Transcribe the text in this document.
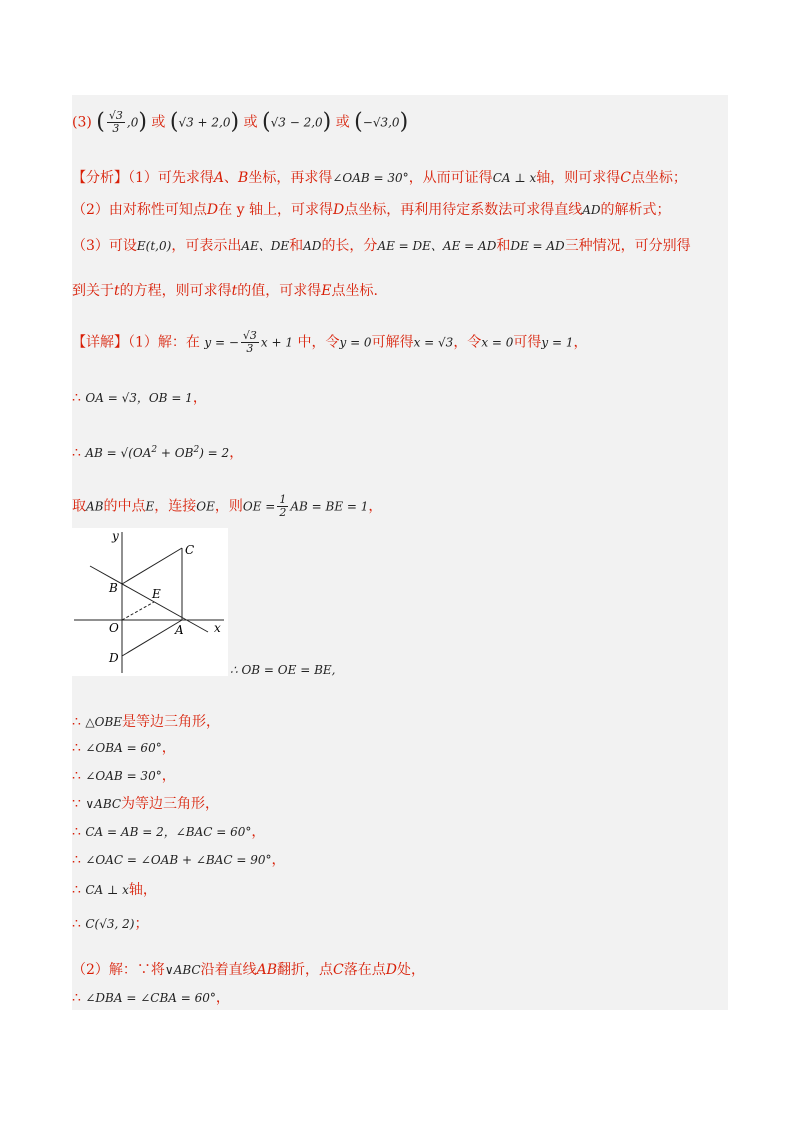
(3) ( $\frac{√3}{3} ,0$) 或 (√3 + 2,0) 或 (√3 − 2,0) 或 (−√3,0)
【分析】（1）可先求得A、B坐标，再求得∠OAB = 30°，从而可证得CA ⊥ x轴，则可求得C点坐标；
（2）由对称性可知点D在 y 轴上，可求得D点坐标，再利用待定系数法可求得直线AD的解析式；
（3）可设E(t,0)，可表示出AE、DE和AD的长，分AE = DE、AE = AD和DE = AD三种情况，可分别得
到关于t的方程，则可求得t的值，可求得E点坐标.
【详解】（1）解：在 y = − $\frac{√3}{3}$ x + 1 中，令y = 0可解得x = √3，令x = 0可得y = 1，
∴ OA = √3，OB = 1，
∴ AB = $√(OA^2 + OB^2) = 2$，
取AB的中点E，连接OE，则OE = $\frac{1}{2}$ AB = BE = 1，
y
x
C
B	E
O	A
D
∴ OB = OE = BE,
∴ △OBE是等边三角形，
∴ ∠OBA = 60°，
∴ ∠OAB = 30°，
∵ ∨ABC为等边三角形，
∴ CA = AB = 2，∠BAC = 60°，
∴ ∠OAC = ∠OAB + ∠BAC = 90°，
∴ CA ⊥ x轴，
∴ C(√3, 2)；
（2）解：∵将∨ABC沿着直线AB翻折，点C落在点D处，
∴ ∠DBA = ∠CBA = 60°，
